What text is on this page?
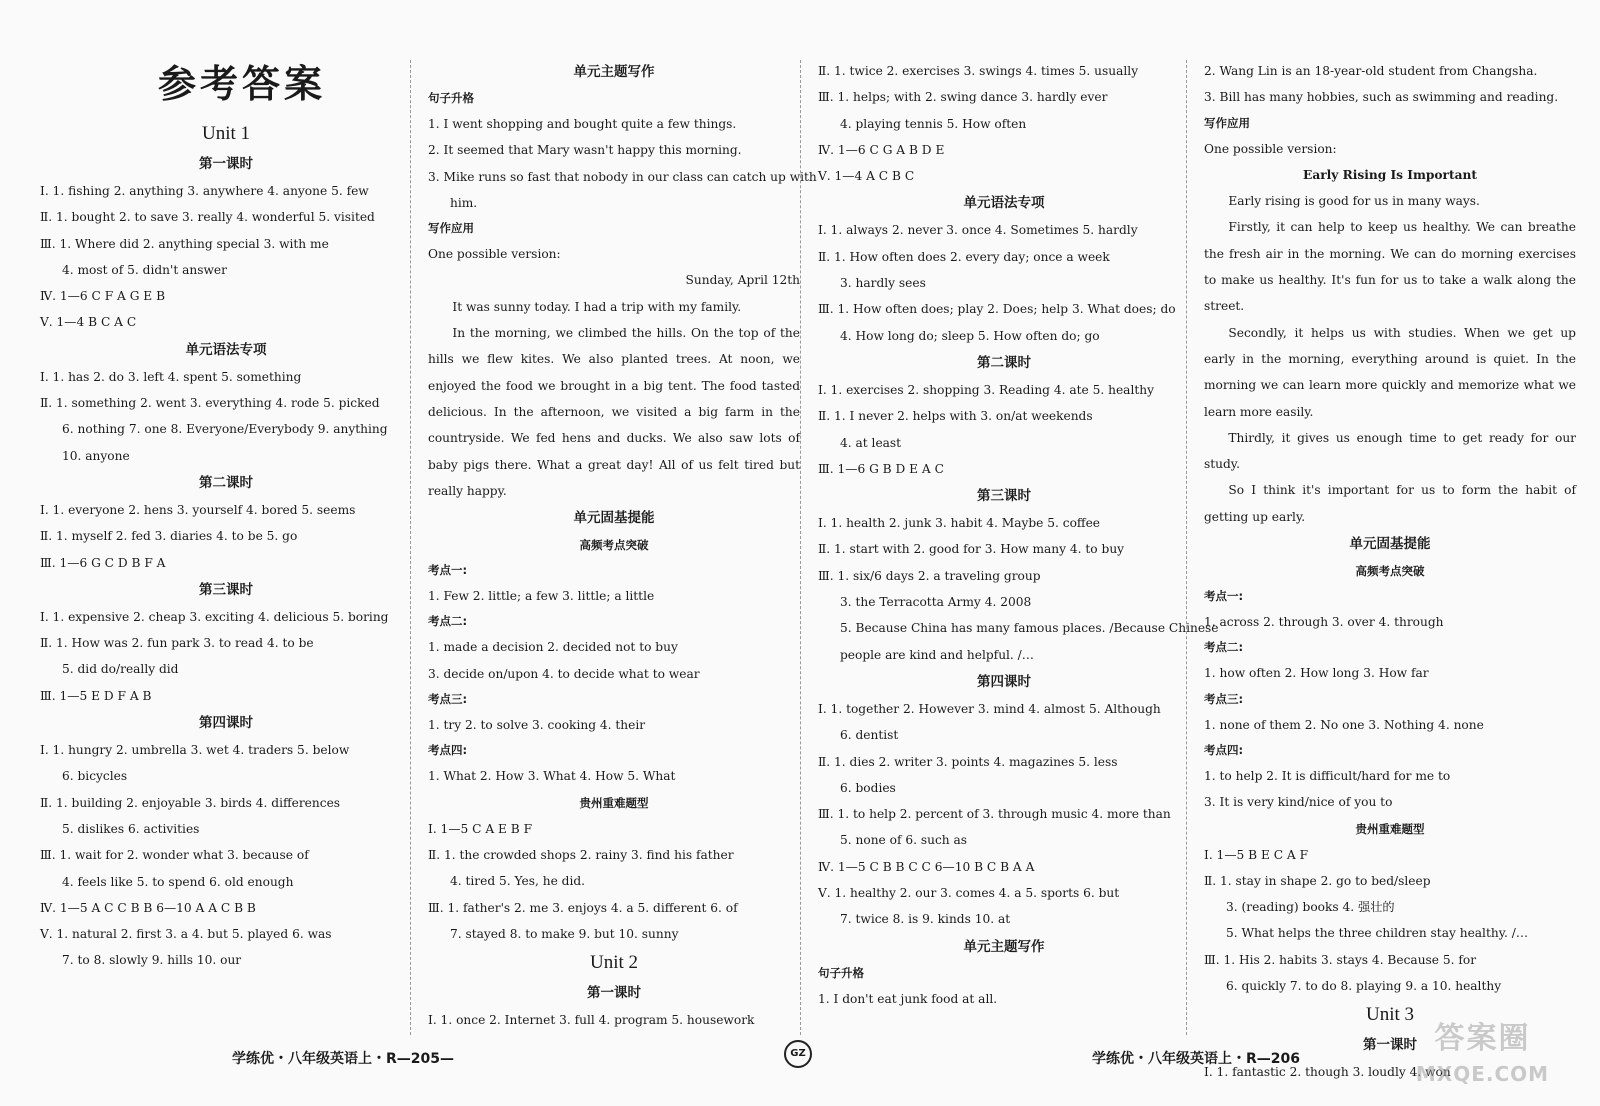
参考答案
Unit 1
第一课时
Ⅰ. 1. fishing 2. anything 3. anywhere 4. anyone 5. few
Ⅱ. 1. bought 2. to save 3. really 4. wonderful 5. visited
Ⅲ. 1. Where did 2. anything special 3. with me
4. most of 5. didn't answer
Ⅳ. 1—6 C F A G E B
Ⅴ. 1—4 B C A C
单元语法专项
Ⅰ. 1. has 2. do 3. left 4. spent 5. something
Ⅱ. 1. something 2. went 3. everything 4. rode 5. picked
6. nothing 7. one 8. Everyone/Everybody 9. anything
10. anyone
第二课时
Ⅰ. 1. everyone 2. hens 3. yourself 4. bored 5. seems
Ⅱ. 1. myself 2. fed 3. diaries 4. to be 5. go
Ⅲ. 1—6 G C D B F A
第三课时
Ⅰ. 1. expensive 2. cheap 3. exciting 4. delicious 5. boring
Ⅱ. 1. How was 2. fun park 3. to read 4. to be
5. did do/really did
Ⅲ. 1—5 E D F A B
第四课时
Ⅰ. 1. hungry 2. umbrella 3. wet 4. traders 5. below
6. bicycles
Ⅱ. 1. building 2. enjoyable 3. birds 4. differences
5. dislikes 6. activities
Ⅲ. 1. wait for 2. wonder what 3. because of
4. feels like 5. to spend 6. old enough
Ⅳ. 1—5 A C C B B 6—10 A A C B B
Ⅴ. 1. natural 2. first 3. a 4. but 5. played 6. was
7. to 8. slowly 9. hills 10. our
单元主题写作
句子升格
1. I went shopping and bought quite a few things.
2. It seemed that Mary wasn't happy this morning.
3. Mike runs so fast that nobody in our class can catch up with
him.
写作应用
One possible version:
Sunday, April 12th
It was sunny today. I had a trip with my family.
In the morning, we climbed the hills. On the top of the hills we flew kites. We also planted trees. At noon, we enjoyed the food we brought in a big tent. The food tasted delicious. In the afternoon, we visited a big farm in the countryside. We fed hens and ducks. We also saw lots of baby pigs there. What a great day! All of us felt tired but really happy.
单元固基提能
高频考点突破
考点一:
1. Few 2. little; a few 3. little; a little
考点二:
1. made a decision 2. decided not to buy
3. decide on/upon 4. to decide what to wear
考点三:
1. try 2. to solve 3. cooking 4. their
考点四:
1. What 2. How 3. What 4. How 5. What
贵州重难题型
Ⅰ. 1—5 C A E B F
Ⅱ. 1. the crowded shops 2. rainy 3. find his father
4. tired 5. Yes, he did.
Ⅲ. 1. father's 2. me 3. enjoys 4. a 5. different 6. of
7. stayed 8. to make 9. but 10. sunny
Unit 2
第一课时
Ⅰ. 1. once 2. Internet 3. full 4. program 5. housework
Ⅱ. 1. twice 2. exercises 3. swings 4. times 5. usually
Ⅲ. 1. helps; with 2. swing dance 3. hardly ever
4. playing tennis 5. How often
Ⅳ. 1—6 C G A B D E
Ⅴ. 1—4 A C B C
单元语法专项
Ⅰ. 1. always 2. never 3. once 4. Sometimes 5. hardly
Ⅱ. 1. How often does 2. every day; once a week
3. hardly sees
Ⅲ. 1. How often does; play 2. Does; help 3. What does; do
4. How long do; sleep 5. How often do; go
第二课时
Ⅰ. 1. exercises 2. shopping 3. Reading 4. ate 5. healthy
Ⅱ. 1. I never 2. helps with 3. on/at weekends
4. at least
Ⅲ. 1—6 G B D E A C
第三课时
Ⅰ. 1. health 2. junk 3. habit 4. Maybe 5. coffee
Ⅱ. 1. start with 2. good for 3. How many 4. to buy
Ⅲ. 1. six/6 days 2. a traveling group
3. the Terracotta Army 4. 2008
5. Because China has many famous places. /Because Chinese
people are kind and helpful. /…
第四课时
Ⅰ. 1. together 2. However 3. mind 4. almost 5. Although
6. dentist
Ⅱ. 1. dies 2. writer 3. points 4. magazines 5. less
6. bodies
Ⅲ. 1. to help 2. percent of 3. through music 4. more than
5. none of 6. such as
Ⅳ. 1—5 C B B C C 6—10 B C B A A
Ⅴ. 1. healthy 2. our 3. comes 4. a 5. sports 6. but
7. twice 8. is 9. kinds 10. at
单元主题写作
句子升格
1. I don't eat junk food at all.
2. Wang Lin is an 18-year-old student from Changsha.
3. Bill has many hobbies, such as swimming and reading.
写作应用
One possible version:
Early Rising Is Important
Early rising is good for us in many ways.
Firstly, it can help to keep us healthy. We can breathe the fresh air in the morning. We can do morning exercises to make us healthy. It's fun for us to take a walk along the street.
Secondly, it helps us with studies. When we get up early in the morning, everything around is quiet. In the morning we can learn more quickly and memorize what we learn more easily.
Thirdly, it gives us enough time to get ready for our study.
So I think it's important for us to form the habit of getting up early.
单元固基提能
高频考点突破
考点一:
1. across 2. through 3. over 4. through
考点二:
1. how often 2. How long 3. How far
考点三:
1. none of them 2. No one 3. Nothing 4. none
考点四:
1. to help 2. It is difficult/hard for me to
3. It is very kind/nice of you to
贵州重难题型
Ⅰ. 1—5 B E C A F
Ⅱ. 1. stay in shape 2. go to bed/sleep
3. (reading) books 4. 强壮的
5. What helps the three children stay healthy. /…
Ⅲ. 1. His 2. habits 3. stays 4. Because 5. for
6. quickly 7. to do 8. playing 9. a 10. healthy
Unit 3
第一课时
Ⅰ. 1. fantastic 2. though 3. loudly 4. won
学练优・八年级英语上・R—205—	GZ	学练优・八年级英语上・R—206
答案圈
MXQE.COM
